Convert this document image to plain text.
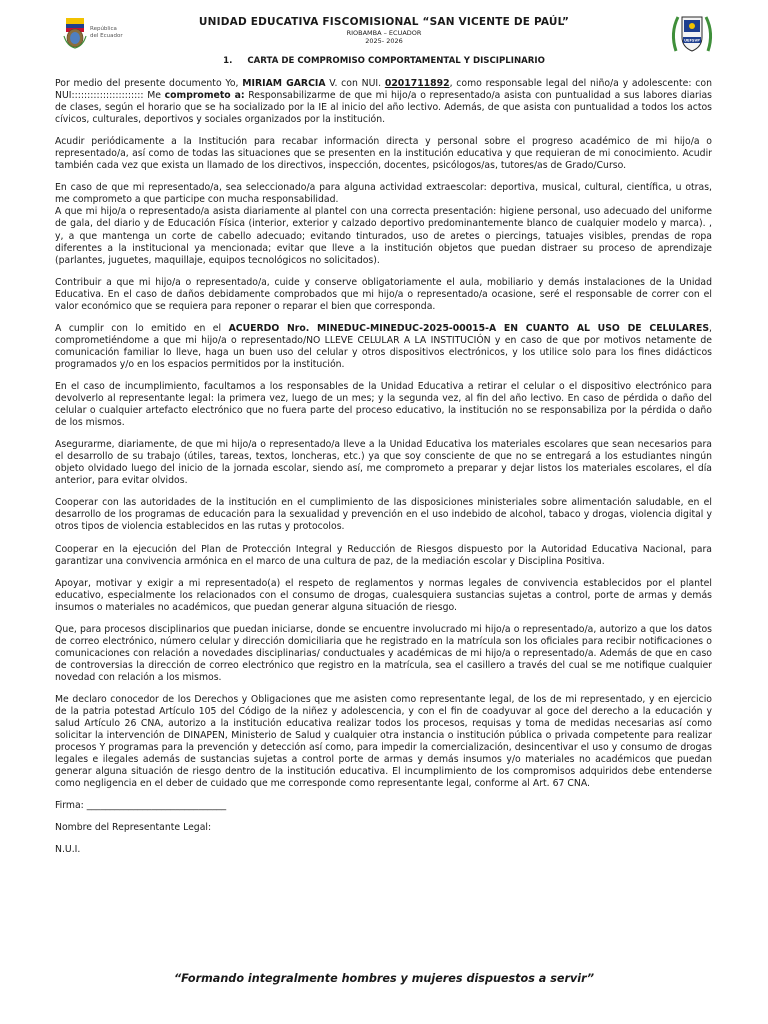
República
del Ecuador
UNIDAD EDUCATIVA FISCOMISIONAL “SAN VICENTE DE PAÚL”
RIOBAMBA – ECUADOR
2025- 2026	UEFSVP
1. CARTA DE COMPROMISO COMPORTAMENTAL Y DISCIPLINARIO

Por medio del presente documento Yo, MIRIAM GARCIA V. con NUI. 0201711892, como responsable legal del niño/a y adolescente: con NUI::::::::::::::::::::::: Me comprometo a: Responsabilizarme de que mi hijo/a o representado/a asista con puntualidad a sus labores diarias de clases, según el horario que se ha socializado por la IE al inicio del año lectivo. Además, de que asista con puntualidad a todos los actos cívicos, culturales, deportivos y sociales organizados por la institución.

Acudir periódicamente a la Institución para recabar información directa y personal sobre el progreso académico de mi hijo/a o representado/a, así como de todas las situaciones que se presenten en la institución educativa y que requieran de mi conocimiento. Acudir también cada vez que exista un llamado de los directivos, inspección, docentes, psicólogos/as, tutores/as de Grado/Curso.

En caso de que mi representado/a, sea seleccionado/a para alguna actividad extraescolar: deportiva, musical, cultural, científica, u otras, me comprometo a que participe con mucha responsabilidad.

A que mi hijo/a o representado/a asista diariamente al plantel con una correcta presentación: higiene personal, uso adecuado del uniforme de gala, del diario y de Educación Física (interior, exterior y calzado deportivo predominantemente blanco de cualquier modelo y marca). , y, a que mantenga un corte de cabello adecuado; evitando tinturados, uso de aretes o piercings, tatuajes visibles, prendas de ropa diferentes a la institucional ya mencionada; evitar que lleve a la institución objetos que puedan distraer su proceso de aprendizaje (parlantes, juguetes, maquillaje, equipos tecnológicos no solicitados).

Contribuir a que mi hijo/a o representado/a, cuide y conserve obligatoriamente el aula, mobiliario y demás instalaciones de la Unidad Educativa. En el caso de daños debidamente comprobados que mi hijo/a o representado/a ocasione, seré el responsable de correr con el valor económico que se requiera para reponer o reparar el bien que corresponda.

A cumplir con lo emitido en el ACUERDO Nro. MINEDUC-MINEDUC-2025-00015-A EN CUANTO AL USO DE CELULARES, comprometiéndome a que mi hijo/a o representado/NO LLEVE CELULAR A LA INSTITUCIÓN y en caso de que por motivos netamente de comunicación familiar lo lleve, haga un buen uso del celular y otros dispositivos electrónicos, y los utilice solo para los fines didácticos programados y/o en los espacios permitidos por la institución.

En el caso de incumplimiento, facultamos a los responsables de la Unidad Educativa a retirar el celular o el dispositivo electrónico para devolverlo al representante legal: la primera vez, luego de un mes; y la segunda vez, al fin del año lectivo. En caso de pérdida o daño del celular o cualquier artefacto electrónico que no fuera parte del proceso educativo, la institución no se responsabiliza por la pérdida o daño de los mismos.

Asegurarme, diariamente, de que mi hijo/a o representado/a lleve a la Unidad Educativa los materiales escolares que sean necesarios para el desarrollo de su trabajo (útiles, tareas, textos, loncheras, etc.) ya que soy consciente de que no se entregará a los estudiantes ningún objeto olvidado luego del inicio de la jornada escolar, siendo así, me comprometo a preparar y dejar listos los materiales escolares, el día anterior, para evitar olvidos.

Cooperar con las autoridades de la institución en el cumplimiento de las disposiciones ministeriales sobre alimentación saludable, en el desarrollo de los programas de educación para la sexualidad y prevención en el uso indebido de alcohol, tabaco y drogas, violencia digital y otros tipos de violencia establecidos en las rutas y protocolos.

Cooperar en la ejecución del Plan de Protección Integral y Reducción de Riesgos dispuesto por la Autoridad Educativa Nacional, para garantizar una convivencia armónica en el marco de una cultura de paz, de la mediación escolar y Disciplina Positiva.

Apoyar, motivar y exigir a mi representado(a) el respeto de reglamentos y normas legales de convivencia establecidos por el plantel educativo, especialmente los relacionados con el consumo de drogas, cualesquiera sustancias sujetas a control, porte de armas y demás insumos o materiales no académicos, que puedan generar alguna situación de riesgo.

Que, para procesos disciplinarios que puedan iniciarse, donde se encuentre involucrado mi hijo/a o representado/a, autorizo a que los datos de correo electrónico, número celular y dirección domiciliaria que he registrado en la matrícula son los oficiales para recibir notificaciones o comunicaciones con relación a novedades disciplinarias/ conductuales y académicas de mi hijo/a o representado/a. Además de que en caso de controversias la dirección de correo electrónico que registro en la matrícula, sea el casillero a través del cual se me notifique cualquier novedad con relación a los mismos.

Me declaro conocedor de los Derechos y Obligaciones que me asisten como representante legal, de los de mi representado, y en ejercicio de la patria potestad Artículo 105 del Código de la niñez y adolescencia, y con el fin de coadyuvar al goce del derecho a la educación y salud Artículo 26 CNA, autorizo a la institución educativa realizar todos los procesos, requisas y toma de medidas necesarias así como solicitar la intervención de DINAPEN, Ministerio de Salud y cualquier otra instancia o institución pública o privada competente para realizar procesos Y programas para la prevención y detección así como, para impedir la comercialización, desincentivar el uso y consumo de drogas legales e ilegales además de sustancias sujetas a control porte de armas y demás insumos y/o materiales no académicos que puedan generar alguna situación de riesgo dentro de la institución educativa. El incumplimiento de los compromisos adquiridos debe entenderse como negligencia en el deber de cuidado que me corresponde como representante legal, conforme al Art. 67 CNA.

Firma: ______________________________

Nombre del Representante Legal:

N.U.I.

“Formando integralmente hombres y mujeres dispuestos a servir”
